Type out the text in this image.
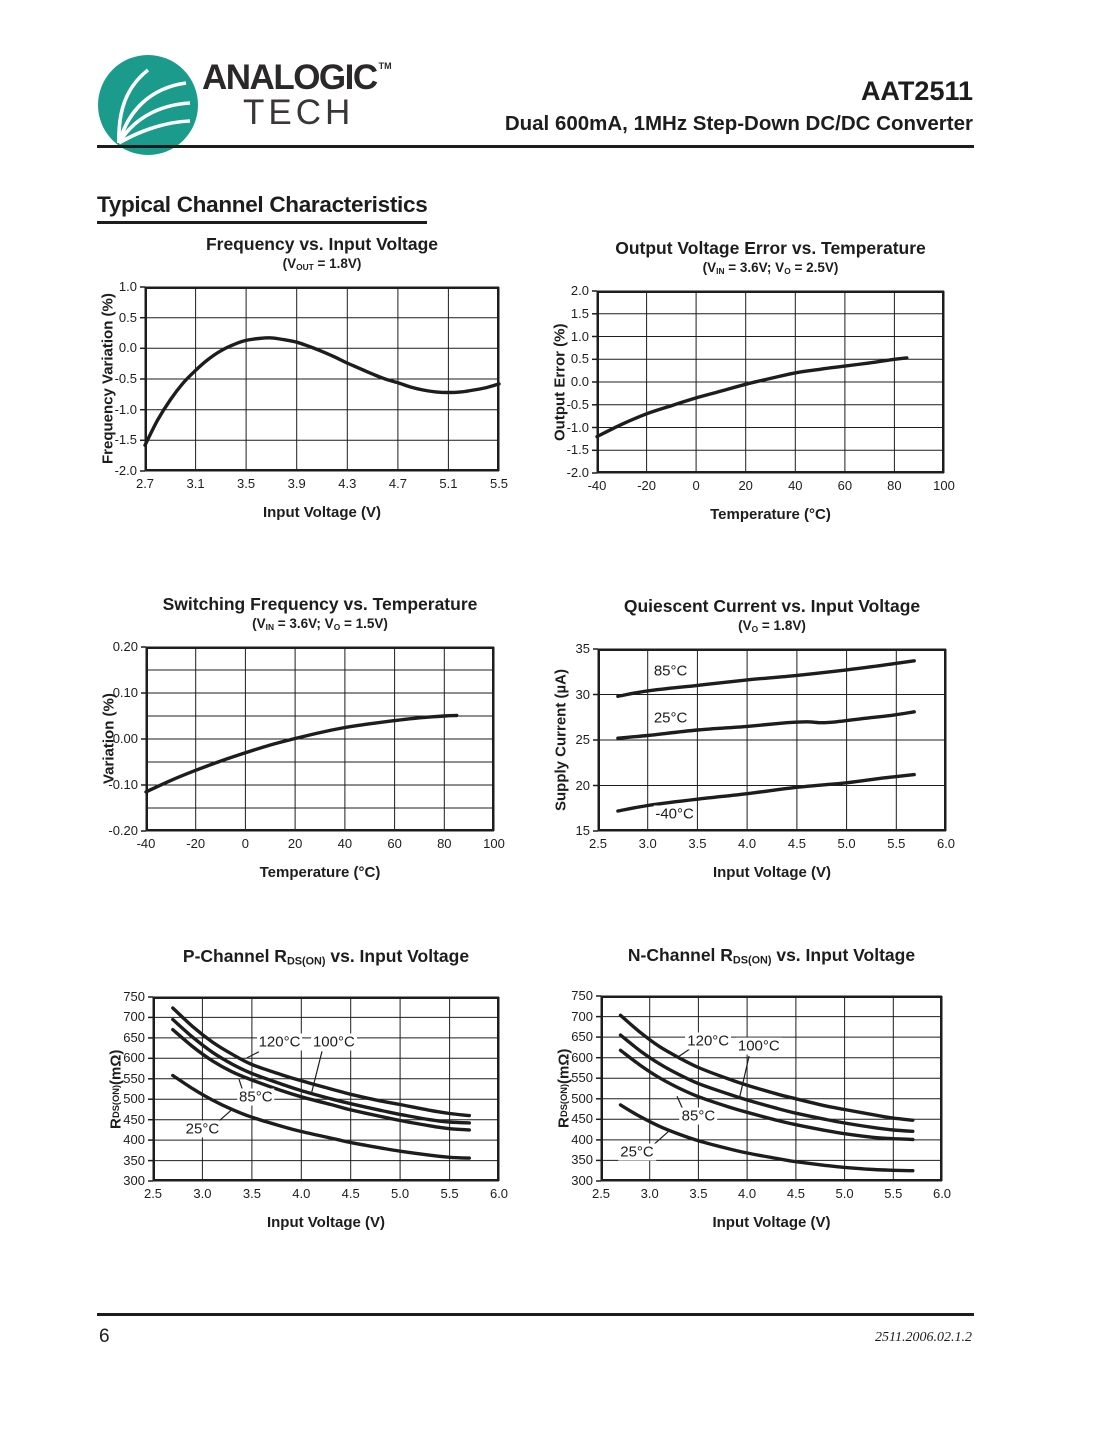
ANALOGIC ™
TECH
AAT2511
Dual 600mA, 1MHz Step-Down DC/DC Converter
Typical Channel Characteristics
Frequency vs. Input Voltage
$(V_{OUT} = 1.8V)$
Frequency Variation (%)
Input Voltage (V)
2.7	3.1 3.5	3.9	4.3	4.7 5.1	5.5
1.0
0.5
0.0
-0.5
-1.0
-1.5
-2.0
Output Voltage Error vs. Temperature
($V_{IN} = 3.6V$; $V_O = 2.5V$)
Output Error (%)
Temperature (°C)
-40 -20	0	20	40	60	80 100
2.0
1.5
1.0
0.5
0.0
-0.5
-1.0
-1.5
-2.0
Switching Frequency vs. Temperature
($V_{IN} = 3.6V$; $V_O = 1.5V$)
Variation (%)
Temperature (°C)
-40 -20	0	20	40	60	80 100
0.20
0.10
0.00
-0.10
-0.20
Quiescent Current vs. Input Voltage
$(V_O = 1.8V)$
Supply Current (µA)	85°C
25°C
-40°C
Input Voltage (V)
2.5 3.0 3.5 4.0 4.5 5.0 5.5 6.0
35
30
25
20
15
P-Channel $R_{DS(ON)}$ vs. Input Voltage
R
DS(ON)
(mΩ)
120°C 100°C
85°C
25°C
Input Voltage (V)
2.5 3.0 3.5 4.0 4.5 5.0 5.5 6.0
750
700
650
600
550
500
450
400
350
300
N-Channel $R_{DS(ON)}$ vs. Input Voltage
R
DS(ON)
(mΩ)
120°C 100°C
85°C
25°C
Input Voltage (V)
2.5 3.0 3.5 4.0 4.5 5.0 5.5 6.0
750
700
650
600
550
500
450
400
350
300
6	2511.2006.02.1.2
